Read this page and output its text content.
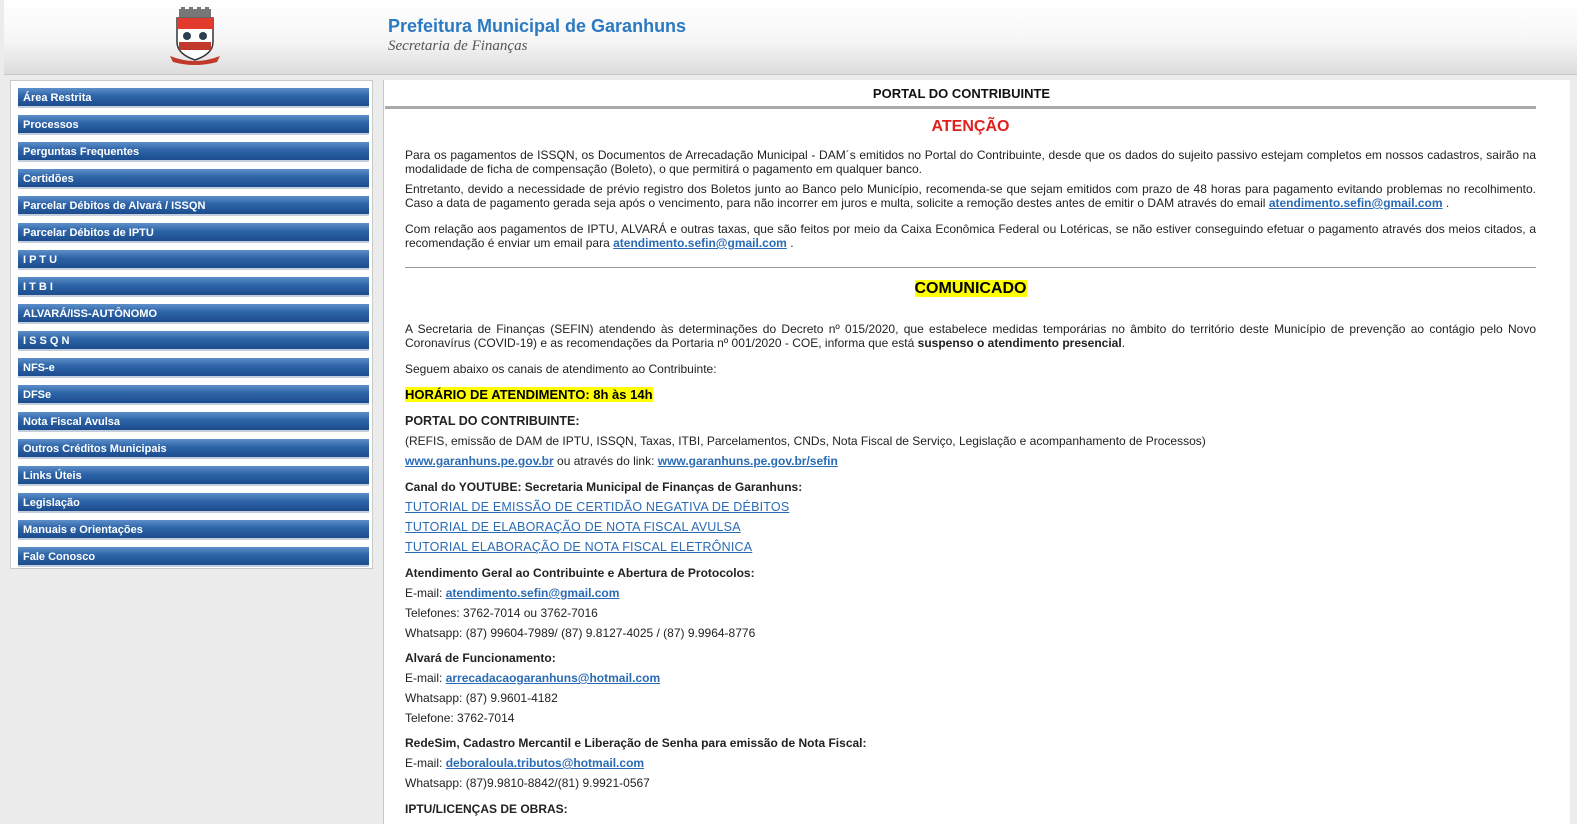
Prefeitura Municipal de Garanhuns
Secretaria de Finanças
Área Restrita
Processos
Perguntas Frequentes
Certidões
Parcelar Débitos de Alvará / ISSQN
Parcelar Débitos de IPTU
I P T U
I T B I
ALVARÁ/ISS-AUTÔNOMO
I S S Q N
NFS-e
DFSe
Nota Fiscal Avulsa
Outros Créditos Municipais
Links Úteis
Legislação
Manuais e Orientações
Fale Conosco
PORTAL DO CONTRIBUINTE
ATENÇÃO
Para os pagamentos de ISSQN, os Documentos de Arrecadação Municipal - DAM´s emitidos no Portal do Contribuinte, desde que os dados do sujeito passivo estejam completos em nossos cadastros, sairão na modalidade de ficha de compensação (Boleto), o que permitirá o pagamento em qualquer banco.
Entretanto, devido a necessidade de prévio registro dos Boletos junto ao Banco pelo Município, recomenda-se que sejam emitidos com prazo de 48 horas para pagamento evitando problemas no recolhimento. Caso a data de pagamento gerada seja após o vencimento, para não incorrer em juros e multa, solicite a remoção destes antes de emitir o DAM através do email atendimento.sefin@gmail.com .
Com relação aos pagamentos de IPTU, ALVARÁ e outras taxas, que são feitos por meio da Caixa Econômica Federal ou Lotéricas, se não estiver conseguindo efetuar o pagamento através dos meios citados, a recomendação é enviar um email para atendimento.sefin@gmail.com .
COMUNICADO
A Secretaria de Finanças (SEFIN) atendendo às determinações do Decreto nº 015/2020, que estabelece medidas temporárias no âmbito do território deste Município de prevenção ao contágio pelo Novo Coronavírus (COVID-19) e as recomendações da Portaria nº 001/2020 - COE, informa que está suspenso o atendimento presencial.
Seguem abaixo os canais de atendimento ao Contribuinte:
HORÁRIO DE ATENDIMENTO: 8h às 14h
PORTAL DO CONTRIBUINTE:
(REFIS, emissão de DAM de IPTU, ISSQN, Taxas, ITBI, Parcelamentos, CNDs, Nota Fiscal de Serviço, Legislação e acompanhamento de Processos)
www.garanhuns.pe.gov.br ou através do link: www.garanhuns.pe.gov.br/sefin
Canal do YOUTUBE: Secretaria Municipal de Finanças de Garanhuns:
TUTORIAL DE EMISSÃO DE CERTIDÃO NEGATIVA DE DÉBITOS
TUTORIAL DE ELABORAÇÃO DE NOTA FISCAL AVULSA
TUTORIAL ELABORAÇÃO DE NOTA FISCAL ELETRÔNICA
Atendimento Geral ao Contribuinte e Abertura de Protocolos:
E-mail: atendimento.sefin@gmail.com
Telefones: 3762-7014 ou 3762-7016
Whatsapp: (87) 99604-7989/ (87) 9.8127-4025 / (87) 9.9964-8776
Alvará de Funcionamento:
E-mail: arrecadacaogaranhuns@hotmail.com
Whatsapp: (87) 9.9601-4182
Telefone: 3762-7014
RedeSim, Cadastro Mercantil e Liberação de Senha para emissão de Nota Fiscal:
E-mail: deboraloula.tributos@hotmail.com
Whatsapp: (87)9.9810-8842/(81) 9.9921-0567
IPTU/LICENÇAS DE OBRAS:
